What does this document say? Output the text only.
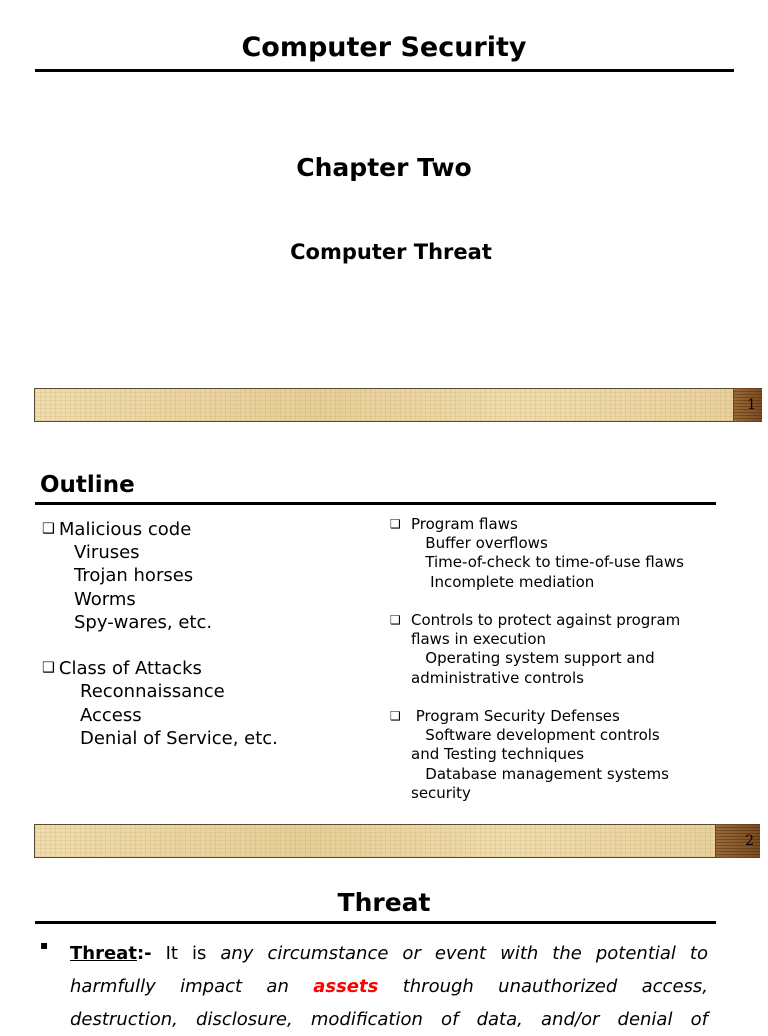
Computer Security
Chapter Two
Computer Threat
1
Outline
❑ Malicious code
Viruses
Trojan horses
Worms
Spy-wares, etc.
❑ Class of Attacks
Reconnaissance
Access
Denial of Service, etc.
❑ Program flaws
Buffer overflows
Time-of-check to time-of-use flaws
Incomplete mediation
❑ Controls to protect against program
flaws in execution
Operating system support and
administrative controls
❑ Program Security Defenses
Software development controls
and Testing techniques
Database management systems
security
2
Threat
▪ Threat:- It is any circumstance or event with the potential to harmfully impact an assets through unauthorized access, destruction, disclosure, modification of data, and/or denial of
